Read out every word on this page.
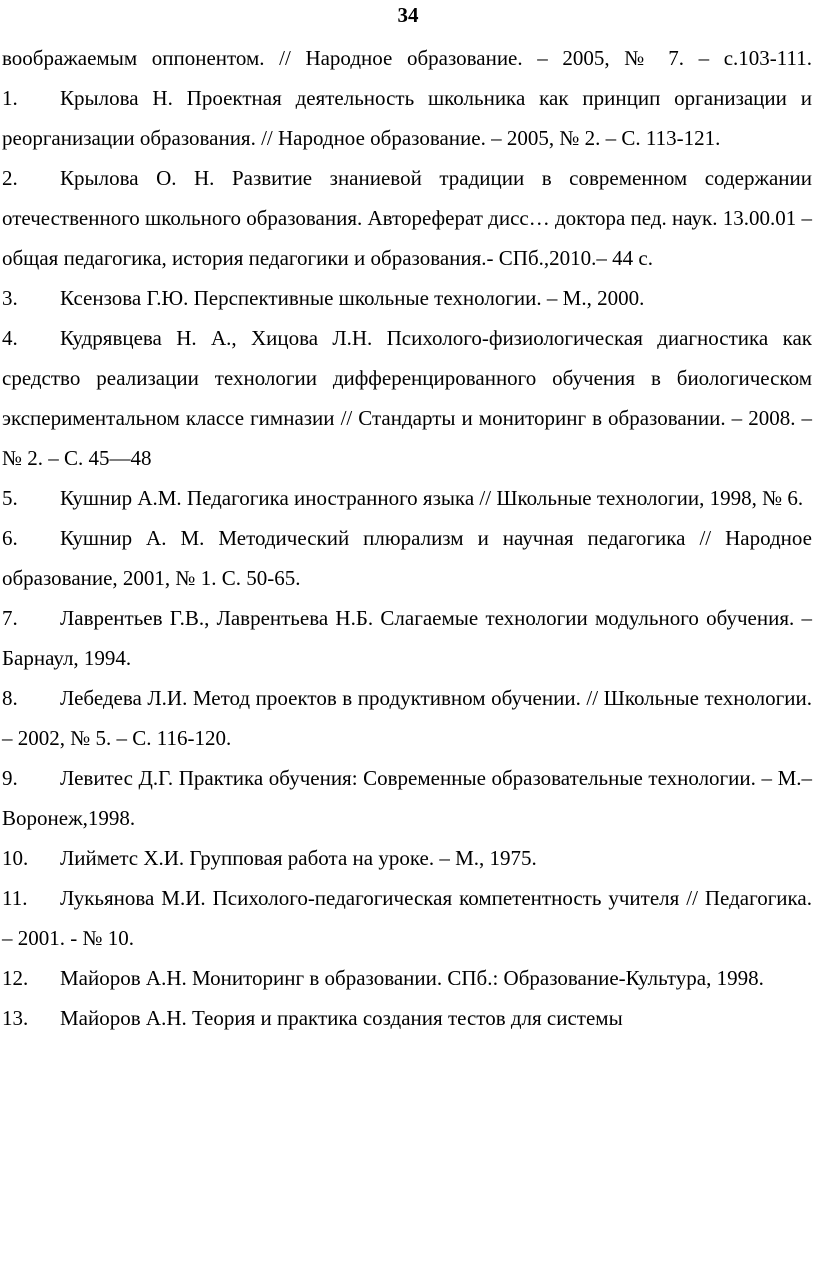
34

воображаемым оппонентом. // Народное образование. – 2005, № 7. – с.103-111.

1. Крылова Н. Проектная деятельность школьника как принцип организации и реорганизации образования. // Народное образование. – 2005, № 2. – С. 113-121.

2. Крылова О. Н. Развитие знаниевой традиции в современном содержании отечественного школьного образования. Автореферат дисс… доктора пед. наук. 13.00.01 – общая педагогика, история педагогики и образования.- СПб.,2010.– 44 с.

3. Ксензова Г.Ю. Перспективные школьные технологии. – М., 2000.

4. Кудрявцева Н. А., Хицова Л.Н. Психолого-физиологическая диагностика как средство реализации технологии дифференцированного обучения в биологическом экспериментальном классе гимназии // Стандарты и мониторинг в образовании. – 2008. – № 2. – С. 45—48

5. Кушнир А.М. Педагогика иностранного языка // Школьные технологии, 1998, № 6.

6. Кушнир А. М. Методический плюрализм и научная педагогика // Народное образование, 2001, № 1. С. 50-65.

7. Лаврентьев Г.В., Лаврентьева Н.Б. Слагаемые технологии модульного обучения. – Барнаул, 1994.

8. Лебедева Л.И. Метод проектов в продуктивном обучении. // Школьные технологии. – 2002, № 5. – С. 116-120.

9. Левитес Д.Г. Практика обучения: Современные образовательные технологии. – М.– Воронеж,1998.

10. Лийметс Х.И. Групповая работа на уроке. – М., 1975.

11. Лукьянова М.И. Психолого-педагогическая компетентность учителя // Педагогика. – 2001. - № 10.

12. Майоров А.Н. Мониторинг в образовании. СПб.: Образование-Культура, 1998.

13. Майоров А.Н. Теория и практика создания тестов для системы
